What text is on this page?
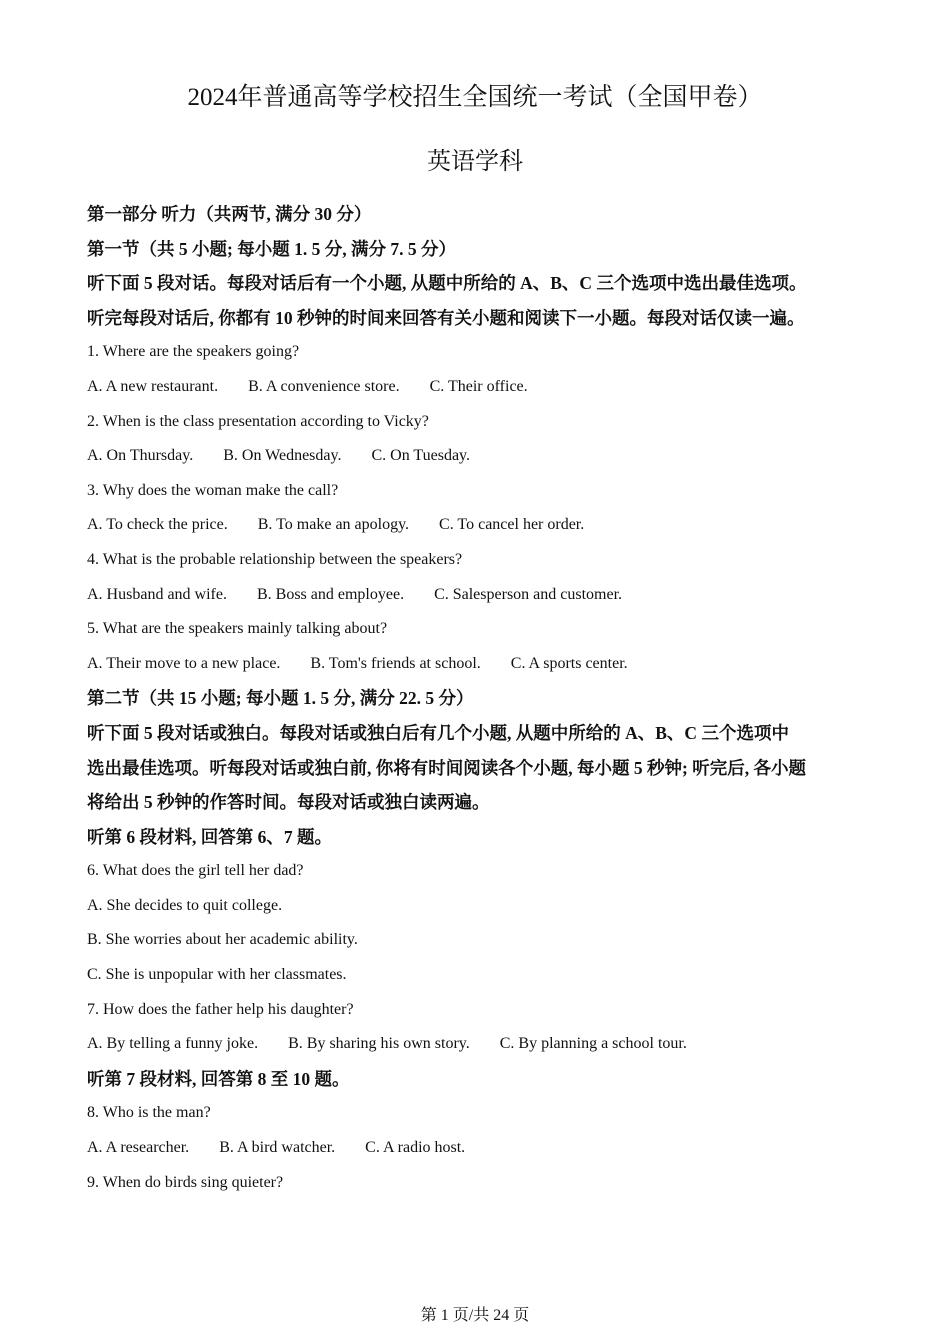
2024年普通高等学校招生全国统一考试（全国甲卷）
英语学科
第一部分 听力（共两节, 满分 30 分）
第一节（共 5 小题; 每小题 1. 5 分, 满分 7. 5 分）
听下面 5 段对话。每段对话后有一个小题, 从题中所给的 A、B、C 三个选项中选出最佳选项。
听完每段对话后, 你都有 10 秒钟的时间来回答有关小题和阅读下一小题。每段对话仅读一遍。
1. Where are the speakers going?
A. A new restaurant. B. A convenience store. C. Their office.
2. When is the class presentation according to Vicky?
A. On Thursday. B. On Wednesday. C. On Tuesday.
3. Why does the woman make the call?
A. To check the price. B. To make an apology. C. To cancel her order.
4. What is the probable relationship between the speakers?
A. Husband and wife. B. Boss and employee. C. Salesperson and customer.
5. What are the speakers mainly talking about?
A. Their move to a new place. B. Tom's friends at school. C. A sports center.
第二节（共 15 小题; 每小题 1. 5 分, 满分 22. 5 分）
听下面 5 段对话或独白。每段对话或独白后有几个小题, 从题中所给的 A、B、C 三个选项中
选出最佳选项。听每段对话或独白前, 你将有时间阅读各个小题, 每小题 5 秒钟; 听完后, 各小题
将给出 5 秒钟的作答时间。每段对话或独白读两遍。
听第 6 段材料, 回答第 6、7 题。
6. What does the girl tell her dad?
A. She decides to quit college.
B. She worries about her academic ability.
C. She is unpopular with her classmates.
7. How does the father help his daughter?
A. By telling a funny joke. B. By sharing his own story. C. By planning a school tour.
听第 7 段材料, 回答第 8 至 10 题。
8. Who is the man?
A. A researcher. B. A bird watcher. C. A radio host.
9. When do birds sing quieter?
第 1 页/共 24 页
